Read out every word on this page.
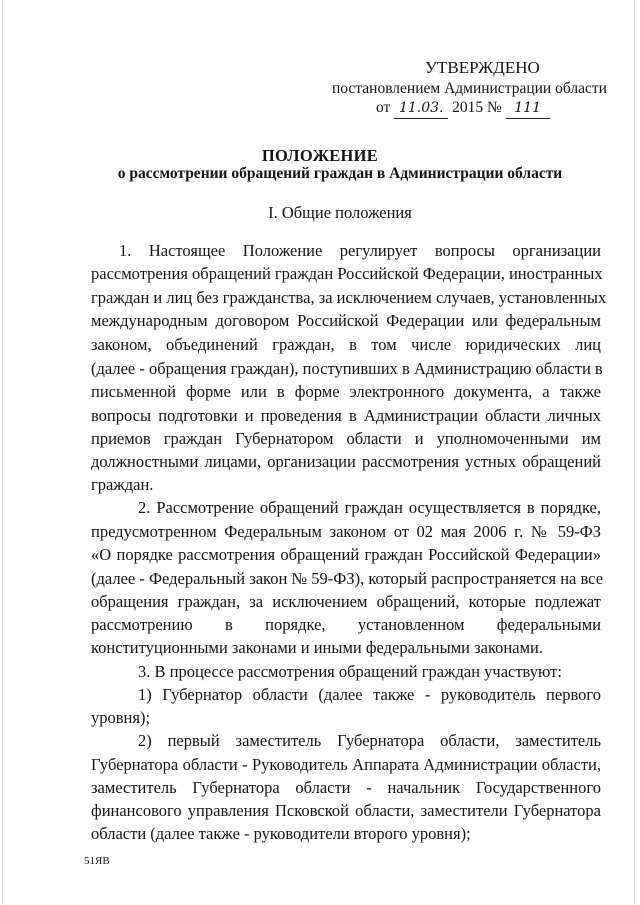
УТВЕРЖДЕНО
постановлением Администрации области
от 11.03. 2015 № 111
ПОЛОЖЕНИЕ
о рассмотрении обращений граждан в Администрации области
I. Общие положения
1. Настоящее Положение регулирует вопросы организации
рассмотрения обращений граждан Российской Федерации, иностранных
граждан и лиц без гражданства, за исключением случаев, установленных
международным договором Российской Федерации или федеральным
законом, объединений граждан, в том числе юридических лиц
(далее - обращения граждан), поступивших в Администрацию области в
письменной форме или в форме электронного документа, а также
вопросы подготовки и проведения в Администрации области личных
приемов граждан Губернатором области и уполномоченными им
должностными лицами, организации рассмотрения устных обращений
граждан.
2. Рассмотрение обращений граждан осуществляется в порядке,
предусмотренном Федеральным законом от 02 мая 2006 г. № 59-ФЗ
«О порядке рассмотрения обращений граждан Российской Федерации»
(далее - Федеральный закон № 59-ФЗ), который распространяется на все
обращения граждан, за исключением обращений, которые подлежат
рассмотрению в порядке, установленном федеральными
конституционными законами и иными федеральными законами.
3. В процессе рассмотрения обращений граждан участвуют:
1) Губернатор области (далее также - руководитель первого
уровня);
2) первый заместитель Губернатора области, заместитель
Губернатора области - Руководитель Аппарата Администрации области,
заместитель Губернатора области - начальник Государственного
финансового управления Псковской области, заместители Губернатора
области (далее также - руководители второго уровня);
51ЯВ
